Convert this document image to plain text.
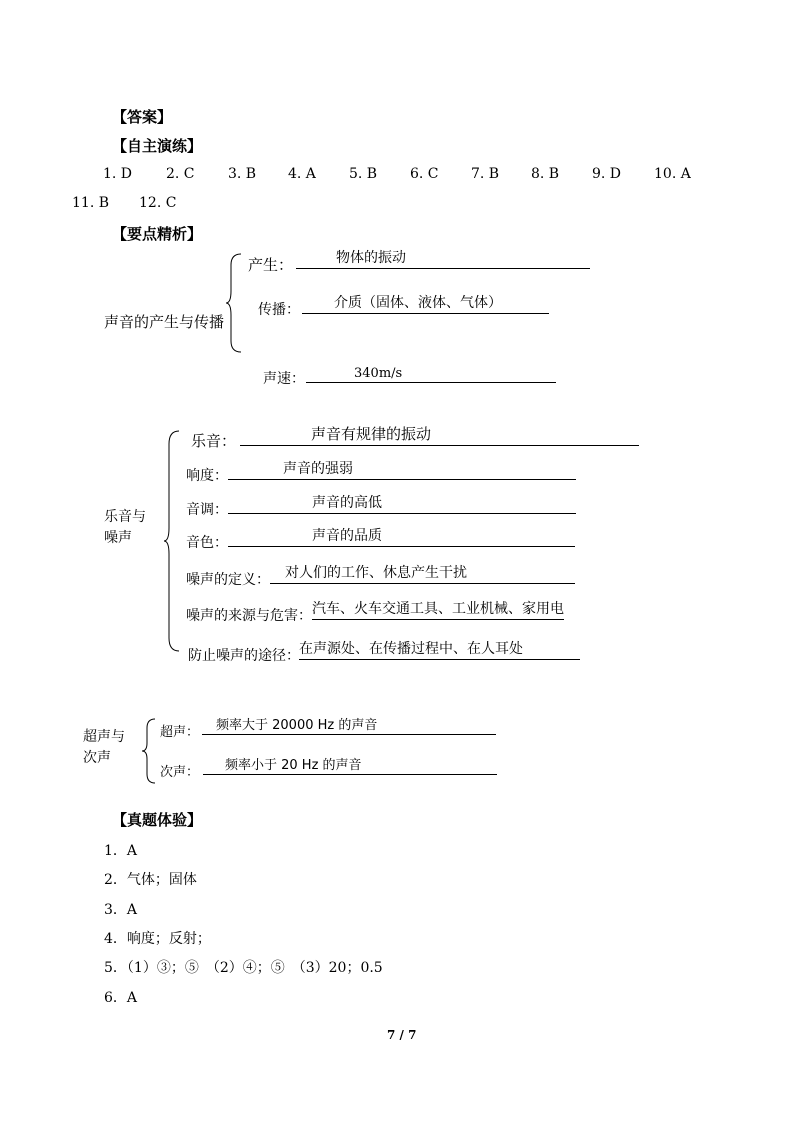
【答案】
【自主演练】
1. D 2. C 3. B 4. A 5. B 6. C 7. B 8. B 9. D 10. A
11. B 12. C
【要点精析】
声音的产生与传播
产生：	物体的振动
传播： 介质（固体、液体、气体）
声速：	340m/s
乐音与
噪声
乐音：	声音有规律的振动
响度：	声音的强弱
音调：	声音的高低
音色：	声音的品质
噪声的定义： 对人们的工作、休息产生干扰
噪声的来源与危害： 汽车、火车交通工具、工业机械、家用电
防止噪声的途径： 在声源处、在传播过程中、在人耳处
超声与
次声
超声： 频率大于 20000 Hz 的声音
次声： 频率小于 20 Hz 的声音
【真题体验】
1．A
2．气体；固体
3．A
4．响度；反射；
5．（1）③；⑤　（2）④；⑤　（3）20；0.5
6．A
7 / 7
